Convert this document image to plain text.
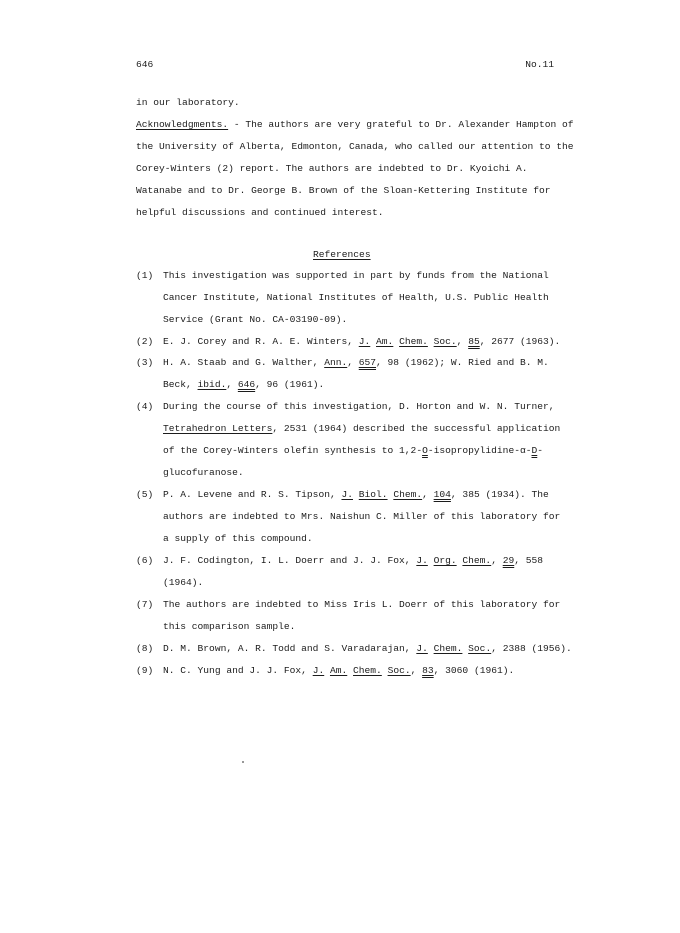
646	No.11
in our laboratory.
Acknowledgments. - The authors are very grateful to Dr. Alexander Hampton of
the University of Alberta, Edmonton, Canada, who called our attention to the
Corey-Winters (2) report. The authors are indebted to Dr. Kyoichi A.
Watanabe and to Dr. George B. Brown of the Sloan-Kettering Institute for
helpful discussions and continued interest.
References
(1) This investigation was supported in part by funds from the National
Cancer Institute, National Institutes of Health, U.S. Public Health
Service (Grant No. CA-03190-09).
(2) E. J. Corey and R. A. E. Winters, J. Am. Chem. Soc., 85, 2677 (1963).
(3) H. A. Staab and G. Walther, Ann., 657, 98 (1962); W. Ried and B. M.
Beck, ibid., 646, 96 (1961).
(4) During the course of this investigation, D. Horton and W. N. Turner,
Tetrahedron Letters, 2531 (1964) described the successful application
of the Corey-Winters olefin synthesis to 1,2-O-isopropylidine-α-D-
glucofuranose.
(5) P. A. Levene and R. S. Tipson, J. Biol. Chem., 104, 385 (1934). The
authors are indebted to Mrs. Naishun C. Miller of this laboratory for
a supply of this compound.
(6) J. F. Codington, I. L. Doerr and J. J. Fox, J. Org. Chem., 29, 558
(1964).
(7) The authors are indebted to Miss Iris L. Doerr of this laboratory for
this comparison sample.
(8) D. M. Brown, A. R. Todd and S. Varadarajan, J. Chem. Soc., 2388 (1956).
(9) N. C. Yung and J. J. Fox, J. Am. Chem. Soc., 83, 3060 (1961).
